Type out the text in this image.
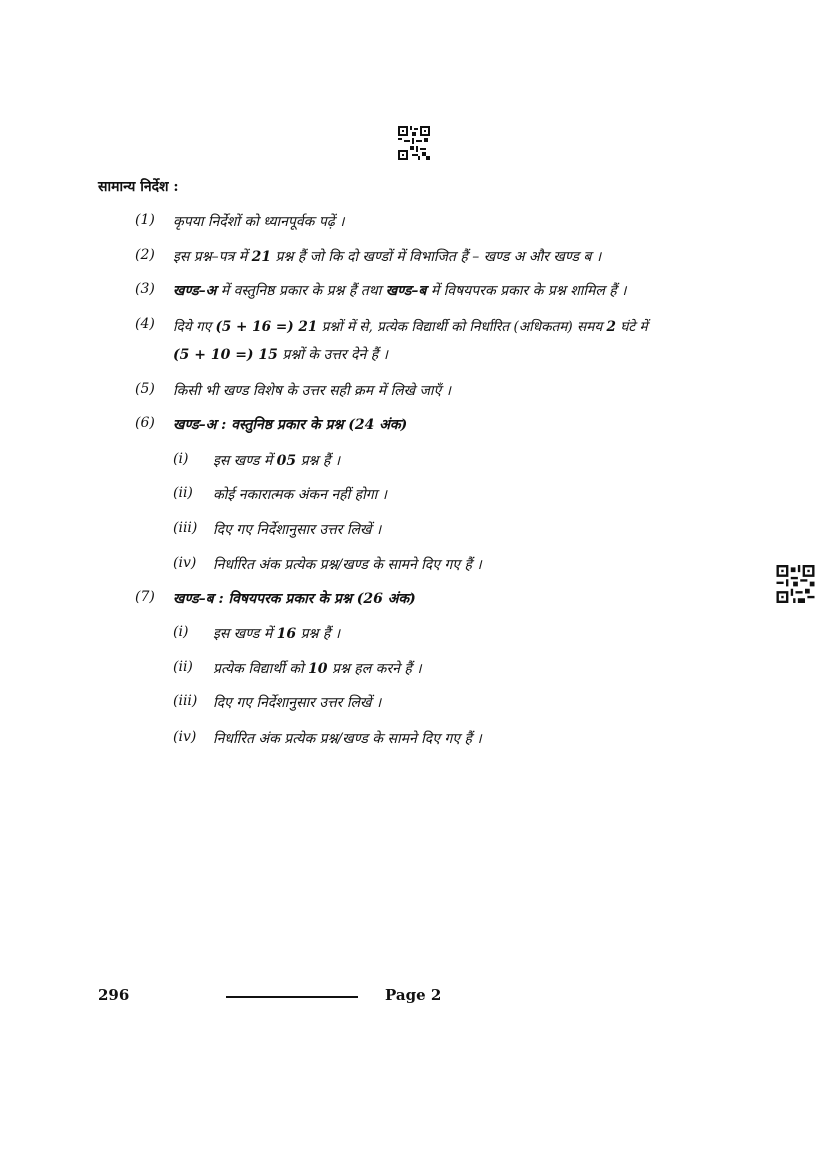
सामान्य निर्देश :
(1) कृपया निर्देशों को ध्यानपूर्वक पढ़ें ।
(2) इस प्रश्न–पत्र में 21 प्रश्न हैं जो कि दो खण्डों में विभाजित हैं – खण्ड अ और खण्ड ब ।
(3) खण्ड–अ में वस्तुनिष्ठ प्रकार के प्रश्न हैं तथा खण्ड–ब में विषयपरक प्रकार के प्रश्न शामिल हैं ।
(4) दिये गए (5 + 16 =) 21 प्रश्नों में से, प्रत्येक विद्यार्थी को निर्धारित (अधिकतम) समय 2 घंटे में
(5 + 10 =) 15 प्रश्नों के उत्तर देने हैं ।
(5) किसी भी खण्ड विशेष के उत्तर सही क्रम में लिखे जाएँ ।
(6) खण्ड–अ : वस्तुनिष्ठ प्रकार के प्रश्न (24 अंक)
(i) इस खण्ड में 05 प्रश्न हैं ।
(ii) कोई नकारात्मक अंकन नहीं होगा ।
(iii) दिए गए निर्देशानुसार उत्तर लिखें ।
(iv) निर्धारित अंक प्रत्येक प्रश्न/खण्ड के सामने दिए गए हैं ।
(7) खण्ड–ब : विषयपरक प्रकार के प्रश्न (26 अंक)
(i) इस खण्ड में 16 प्रश्न हैं ।
(ii) प्रत्येक विद्यार्थी को 10 प्रश्न हल करने हैं ।
(iii) दिए गए निर्देशानुसार उत्तर लिखें ।
(iv) निर्धारित अंक प्रत्येक प्रश्न/खण्ड के सामने दिए गए हैं ।
296	Page 2
